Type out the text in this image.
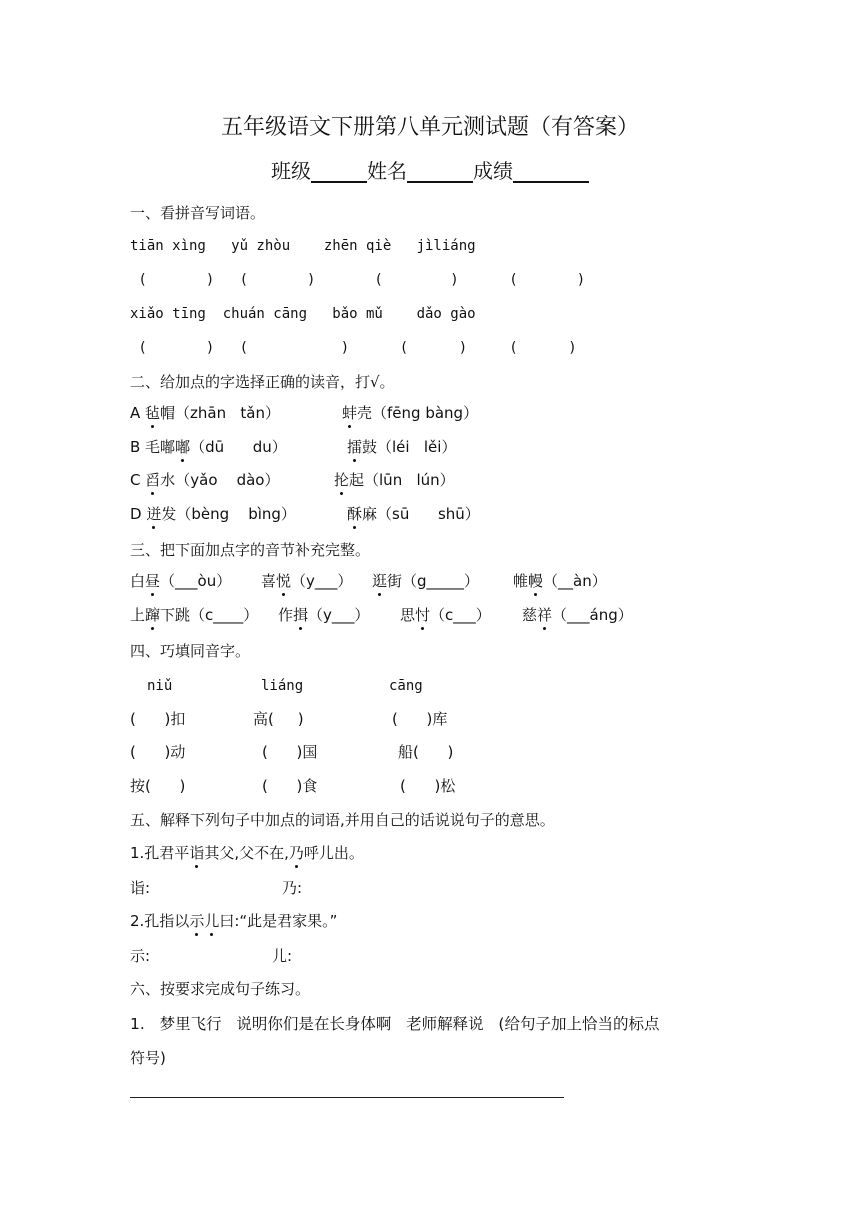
五年级语文下册第八单元测试题（有答案）
班级	姓名	成绩
一、看拼音写词语。
tiān xìng   yǔ zhòu    zhēn qiè   jìliáng
(       )   (       )       (        )      (       )
xiǎo tīng  chuán cāng   bǎo mǔ    dǎo gào
(       )   (           )      (      )     (      )
二、给加点的字选择正确的读音，打√。
A 毡帽（zhān   tǎn）	蚌壳（fēng bàng）
B 毛嘟嘟（dū      du）	擂鼓（léi   lěi）
C 舀水（yǎo    dào）	抡起（lūn   lún）
D 迸发（bèng    bìng）	酥麻（sū      shū）
三、把下面加点字的音节补充完整。
白昼（___òu） 喜悦（y___） 逛街（g_____） 帷幔（__àn）
上蹿下跳（c____） 作揖（y___） 思忖（c___） 慈祥（___áng）
四、巧填同音字。
niǔ	liáng	cāng
(      )扣	高(     )	(      )库
(      )动	(      )国	船(      )
按(      )	(      )食	(      )松
五、解释下列句子中加点的词语,并用自己的话说说句子的意思。
1.孔君平诣其父,父不在,乃呼儿出。
诣:	乃:
2.孔指以示儿曰:“此是君家果。”
示:	儿:
六、按要求完成句子练习。
1.   梦里飞行   说明你们是在长身体啊   老师解释说   (给句子加上恰当的标点
符号)
